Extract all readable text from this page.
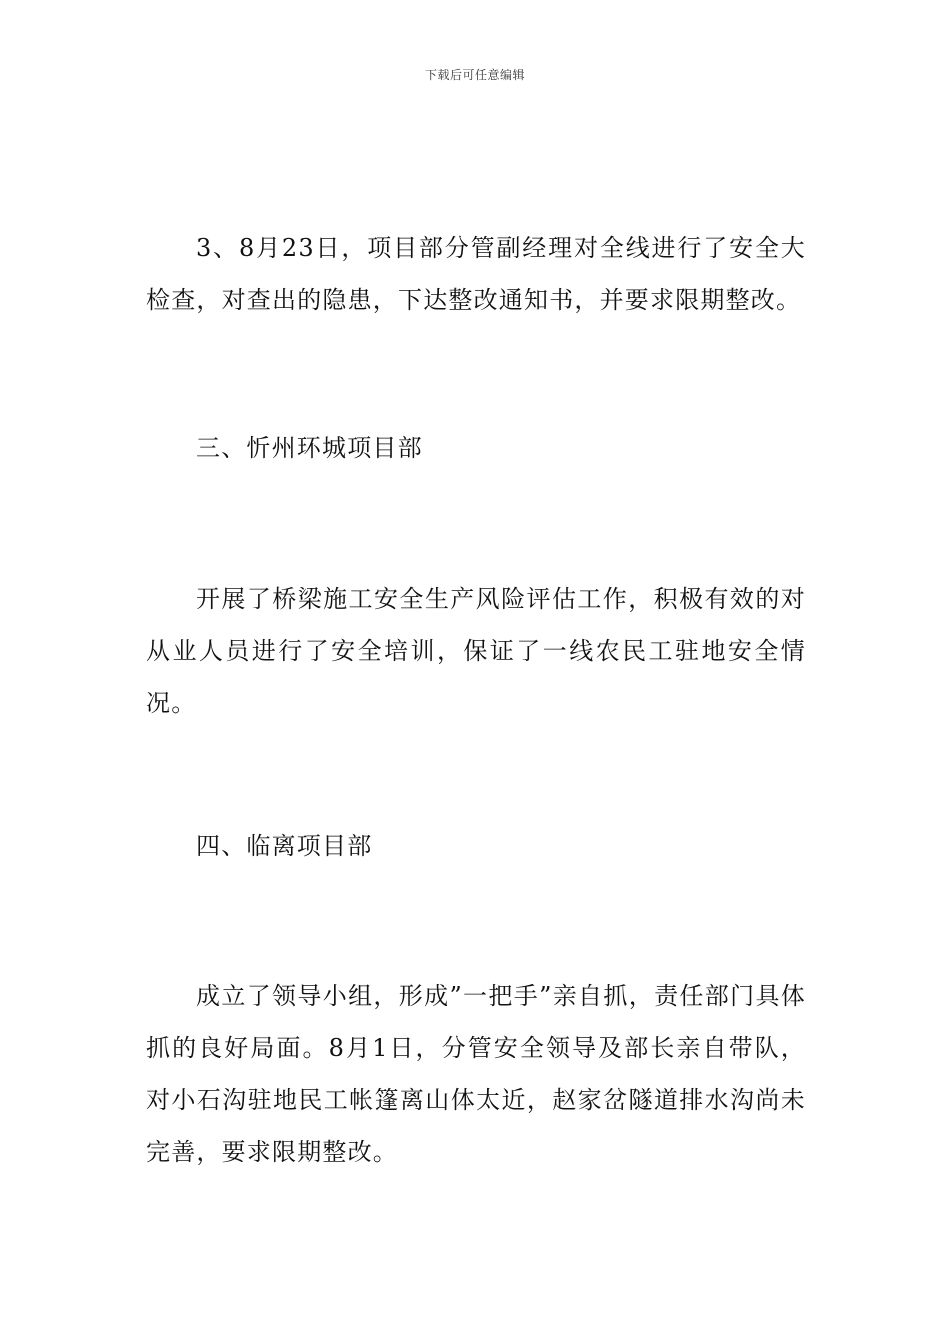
下载后可任意编辑

3、8月23日，项目部分管副经理对全线进行了安全大检查，对查出的隐患，下达整改通知书，并要求限期整改。

三、忻州环城项目部

开展了桥梁施工安全生产风险评估工作，积极有效的对从业人员进行了安全培训，保证了一线农民工驻地安全情况。

四、临离项目部

成立了领导小组，形成”一把手”亲自抓，责任部门具体抓的良好局面。8月1日，分管安全领导及部长亲自带队，对小石沟驻地民工帐篷离山体太近，赵家岔隧道排水沟尚未完善，要求限期整改。
